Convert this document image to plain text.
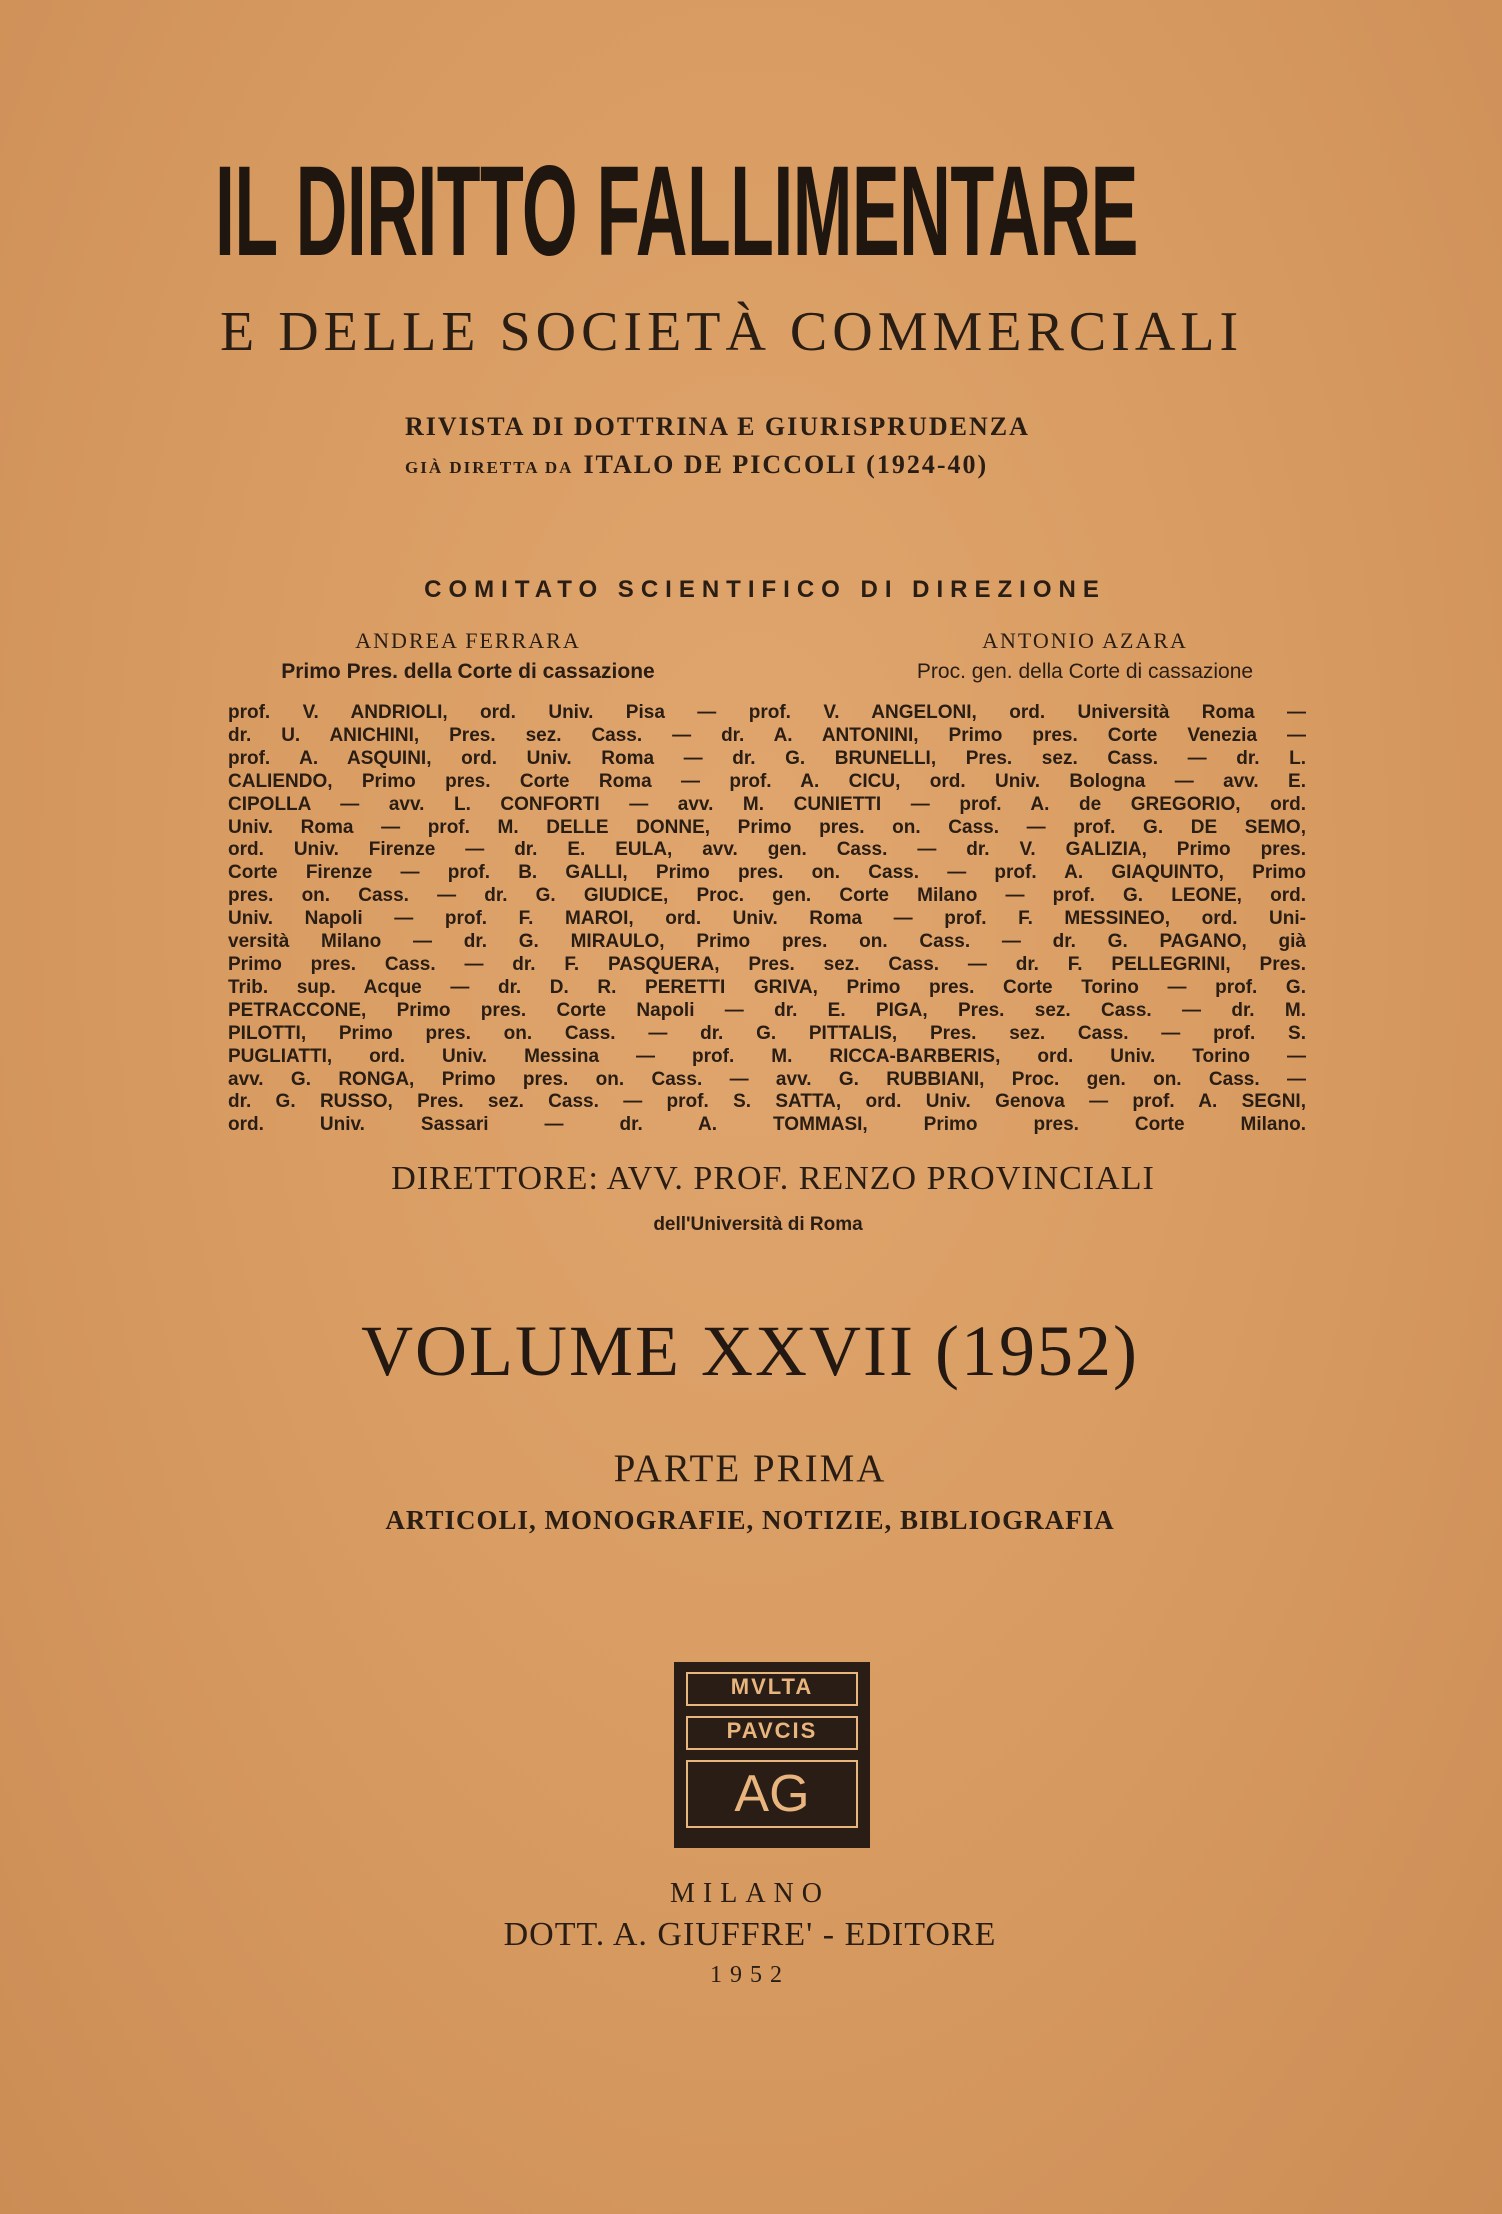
IL DIRITTO FALLIMENTARE
E DELLE SOCIETÀ COMMERCIALI
RIVISTA DI DOTTRINA E GIURISPRUDENZA
GIÀ DIRETTA DA ITALO DE PICCOLI (1924-40)
COMITATO SCIENTIFICO DI DIREZIONE
ANDREA FERRARA
Primo Pres. della Corte di cassazione
ANTONIO AZARA
Proc. gen. della Corte di cassazione
prof. V. ANDRIOLI, ord. Univ. Pisa — prof. V. ANGELONI, ord. Università Roma —
dr. U. ANICHINI, Pres. sez. Cass. — dr. A. ANTONINI, Primo pres. Corte Venezia —
prof. A. ASQUINI, ord. Univ. Roma — dr. G. BRUNELLI, Pres. sez. Cass. — dr. L.
CALIENDO, Primo pres. Corte Roma — prof. A. CICU, ord. Univ. Bologna — avv. E.
CIPOLLA — avv. L. CONFORTI — avv. M. CUNIETTI — prof. A. de GREGORIO, ord.
Univ. Roma — prof. M. DELLE DONNE, Primo pres. on. Cass. — prof. G. DE SEMO,
ord. Univ. Firenze — dr. E. EULA, avv. gen. Cass. — dr. V. GALIZIA, Primo pres.
Corte Firenze — prof. B. GALLI, Primo pres. on. Cass. — prof. A. GIAQUINTO, Primo
pres. on. Cass. — dr. G. GIUDICE, Proc. gen. Corte Milano — prof. G. LEONE, ord.
Univ. Napoli — prof. F. MAROI, ord. Univ. Roma — prof. F. MESSINEO, ord. Uni-
versità Milano — dr. G. MIRAULO, Primo pres. on. Cass. — dr. G. PAGANO, già
Primo pres. Cass. — dr. F. PASQUERA, Pres. sez. Cass. — dr. F. PELLEGRINI, Pres.
Trib. sup. Acque — dr. D. R. PERETTI GRIVA, Primo pres. Corte Torino — prof. G.
PETRACCONE, Primo pres. Corte Napoli — dr. E. PIGA, Pres. sez. Cass. — dr. M.
PILOTTI, Primo pres. on. Cass. — dr. G. PITTALIS, Pres. sez. Cass. — prof. S.
PUGLIATTI, ord. Univ. Messina — prof. M. RICCA-BARBERIS, ord. Univ. Torino —
avv. G. RONGA, Primo pres. on. Cass. — avv. G. RUBBIANI, Proc. gen. on. Cass. —
dr. G. RUSSO, Pres. sez. Cass. — prof. S. SATTA, ord. Univ. Genova — prof. A. SEGNI,
ord. Univ. Sassari — dr. A. TOMMASI, Primo pres. Corte Milano.
DIRETTORE: AVV. PROF. RENZO PROVINCIALI
dell'Università di Roma
VOLUME XXVII (1952)
PARTE PRIMA
ARTICOLI, MONOGRAFIE, NOTIZIE, BIBLIOGRAFIA
MVLTA
PAVCIS
AG
MILANO
DOTT. A. GIUFFRE' - EDITORE
1952
